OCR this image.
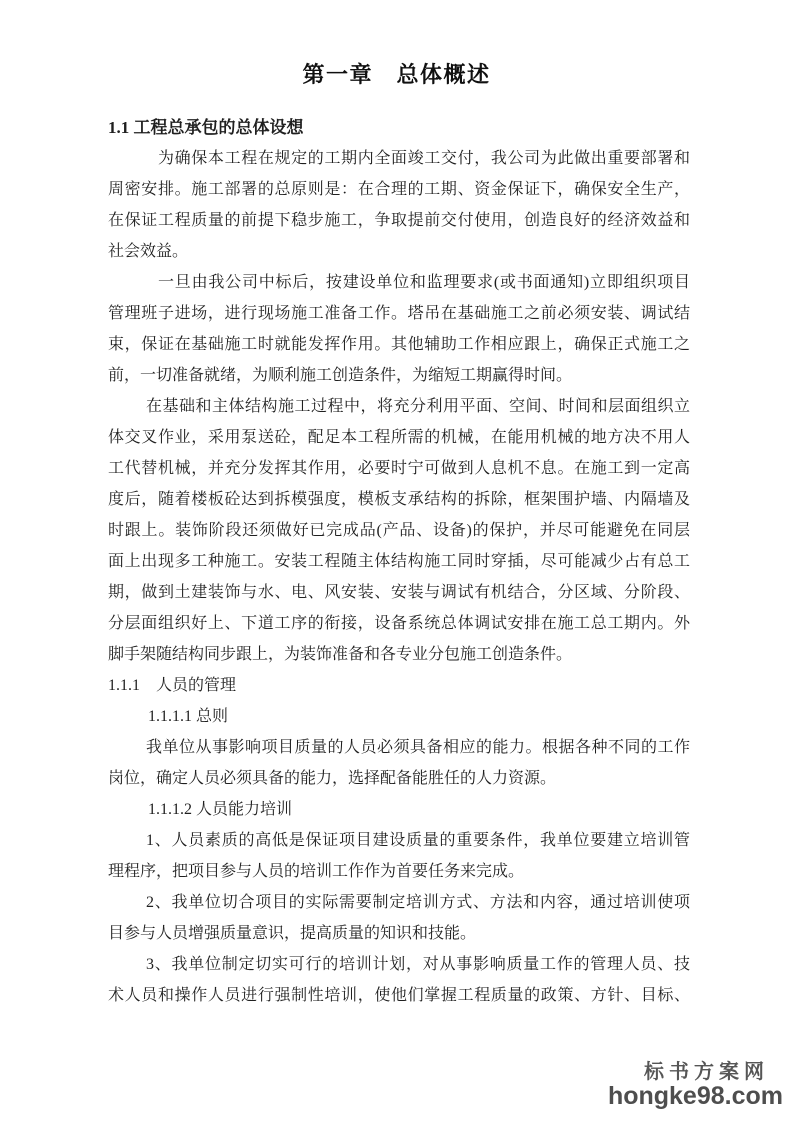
第一章　总体概述
1.1 工程总承包的总体设想
为确保本工程在规定的工期内全面竣工交付，我公司为此做出重要部署和
周密安排。施工部署的总原则是：在合理的工期、资金保证下，确保安全生产，
在保证工程质量的前提下稳步施工，争取提前交付使用，创造良好的经济效益和
社会效益。
一旦由我公司中标后，按建设单位和监理要求(或书面通知)立即组织项目
管理班子进场，进行现场施工准备工作。塔吊在基础施工之前必须安装、调试结
束，保证在基础施工时就能发挥作用。其他辅助工作相应跟上，确保正式施工之
前，一切准备就绪，为顺利施工创造条件，为缩短工期赢得时间。
在基础和主体结构施工过程中，将充分利用平面、空间、时间和层面组织立
体交叉作业，采用泵送砼，配足本工程所需的机械，在能用机械的地方决不用人
工代替机械，并充分发挥其作用，必要时宁可做到人息机不息。在施工到一定高
度后，随着楼板砼达到拆模强度，模板支承结构的拆除，框架围护墙、内隔墙及
时跟上。装饰阶段还须做好已完成品(产品、设备)的保护，并尽可能避免在同层
面上出现多工种施工。安装工程随主体结构施工同时穿插，尽可能减少占有总工
期，做到土建装饰与水、电、风安装、安装与调试有机结合，分区域、分阶段、
分层面组织好上、下道工序的衔接，设备系统总体调试安排在施工总工期内。外
脚手架随结构同步跟上，为装饰准备和各专业分包施工创造条件。
1.1.1　人员的管理
1.1.1.1 总则
我单位从事影响项目质量的人员必须具备相应的能力。根据各种不同的工作
岗位，确定人员必须具备的能力，选择配备能胜任的人力资源。
1.1.1.2 人员能力培训
1、人员素质的高低是保证项目建设质量的重要条件，我单位要建立培训管
理程序，把项目参与人员的培训工作作为首要任务来完成。
2、我单位切合项目的实际需要制定培训方式、方法和内容，通过培训使项
目参与人员增强质量意识，提高质量的知识和技能。
3、我单位制定切实可行的培训计划，对从事影响质量工作的管理人员、技
术人员和操作人员进行强制性培训，使他们掌握工程质量的政策、方针、目标、
标书方案网
hongke98.com
